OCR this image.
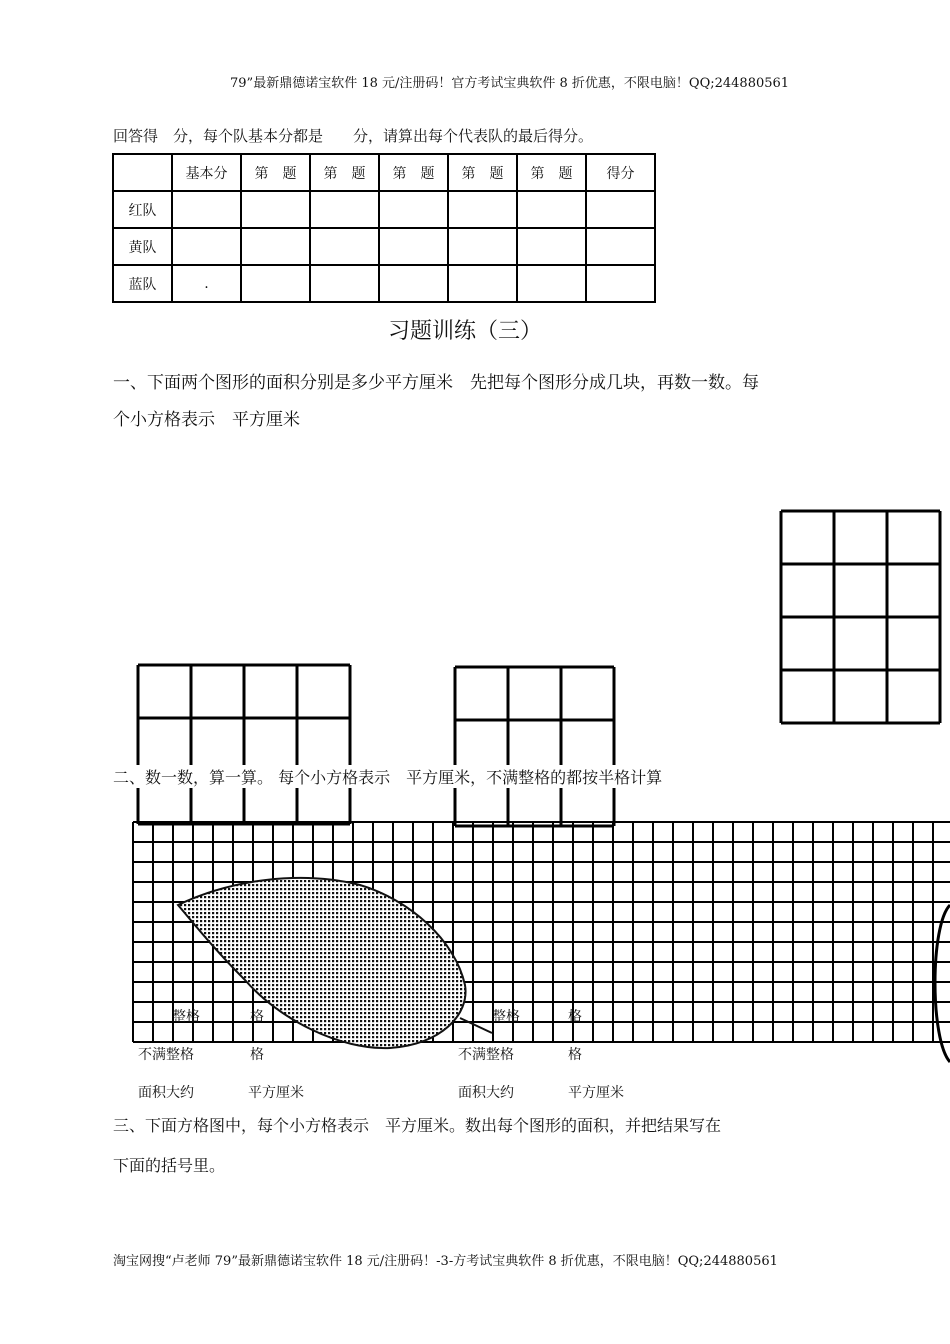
79”最新鼎德诺宝软件 18 元/注册码！官方考试宝典软件 8 折优惠，不限电脑！QQ;244880561
回答得　分，每个队基本分都是　　分，请算出每个代表队的最后得分。
	基本分	第　题	第　题	第　题	第　题	第　题	得分
红队							
黄队							
蓝队	.						
习题训练（三）
一、下面两个图形的面积分别是多少平方厘米　先把每个图形分成几块，再数一数。每
个小方格表示　平方厘米
二、数一数，算一算。 每个小方格表示　平方厘米，不满整格的都按半格计算
整格	格
不满整格	格
面积大约	平方厘米
整格	格
不满整格	格
面积大约	平方厘米
三、下面方格图中，每个小方格表示　平方厘米。数出每个图形的面积，并把结果写在
下面的括号里。
淘宝网搜“卢老师 79”最新鼎德诺宝软件 18 元/注册码！-3-方考试宝典软件 8 折优惠，不限电脑！QQ;244880561
